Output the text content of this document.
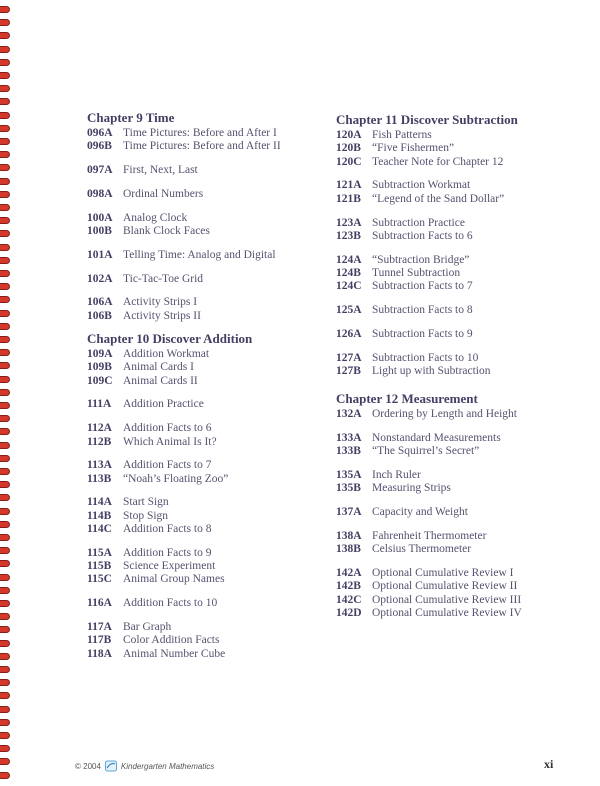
Chapter 9 Time
096A Time Pictures: Before and After I
096B Time Pictures: Before and After II
097A First, Next, Last
098A Ordinal Numbers
100A Analog Clock
100B Blank Clock Faces
101A Telling Time: Analog and Digital
102A Tic-Tac-Toe Grid
106A Activity Strips I
106B Activity Strips II
Chapter 10 Discover Addition
109A Addition Workmat
109B Animal Cards I
109C Animal Cards II
111A Addition Practice
112A Addition Facts to 6
112B Which Animal Is It?
113A Addition Facts to 7
113B “Noah’s Floating Zoo”
114A Start Sign
114B Stop Sign
114C Addition Facts to 8
115A Addition Facts to 9
115B Science Experiment
115C Animal Group Names
116A Addition Facts to 10
117A Bar Graph
117B Color Addition Facts
118A Animal Number Cube
Chapter 11 Discover Subtraction
120A Fish Patterns
120B “Five Fishermen”
120C Teacher Note for Chapter 12
121A Subtraction Workmat
121B “Legend of the Sand Dollar”
123A Subtraction Practice
123B Subtraction Facts to 6
124A “Subtraction Bridge”
124B Tunnel Subtraction
124C Subtraction Facts to 7
125A Subtraction Facts to 8
126A Subtraction Facts to 9
127A Subtraction Facts to 10
127B Light up with Subtraction
Chapter 12 Measurement
132A Ordering by Length and Height
133A Nonstandard Measurements
133B “The Squirrel’s Secret”
135A Inch Ruler
135B Measuring Strips
137A Capacity and Weight
138A Fahrenheit Thermometer
138B Celsius Thermometer
142A Optional Cumulative Review I
142B Optional Cumulative Review II
142C Optional Cumulative Review III
142D Optional Cumulative Review IV
© 2004	Kindergarten Mathematics	xi
